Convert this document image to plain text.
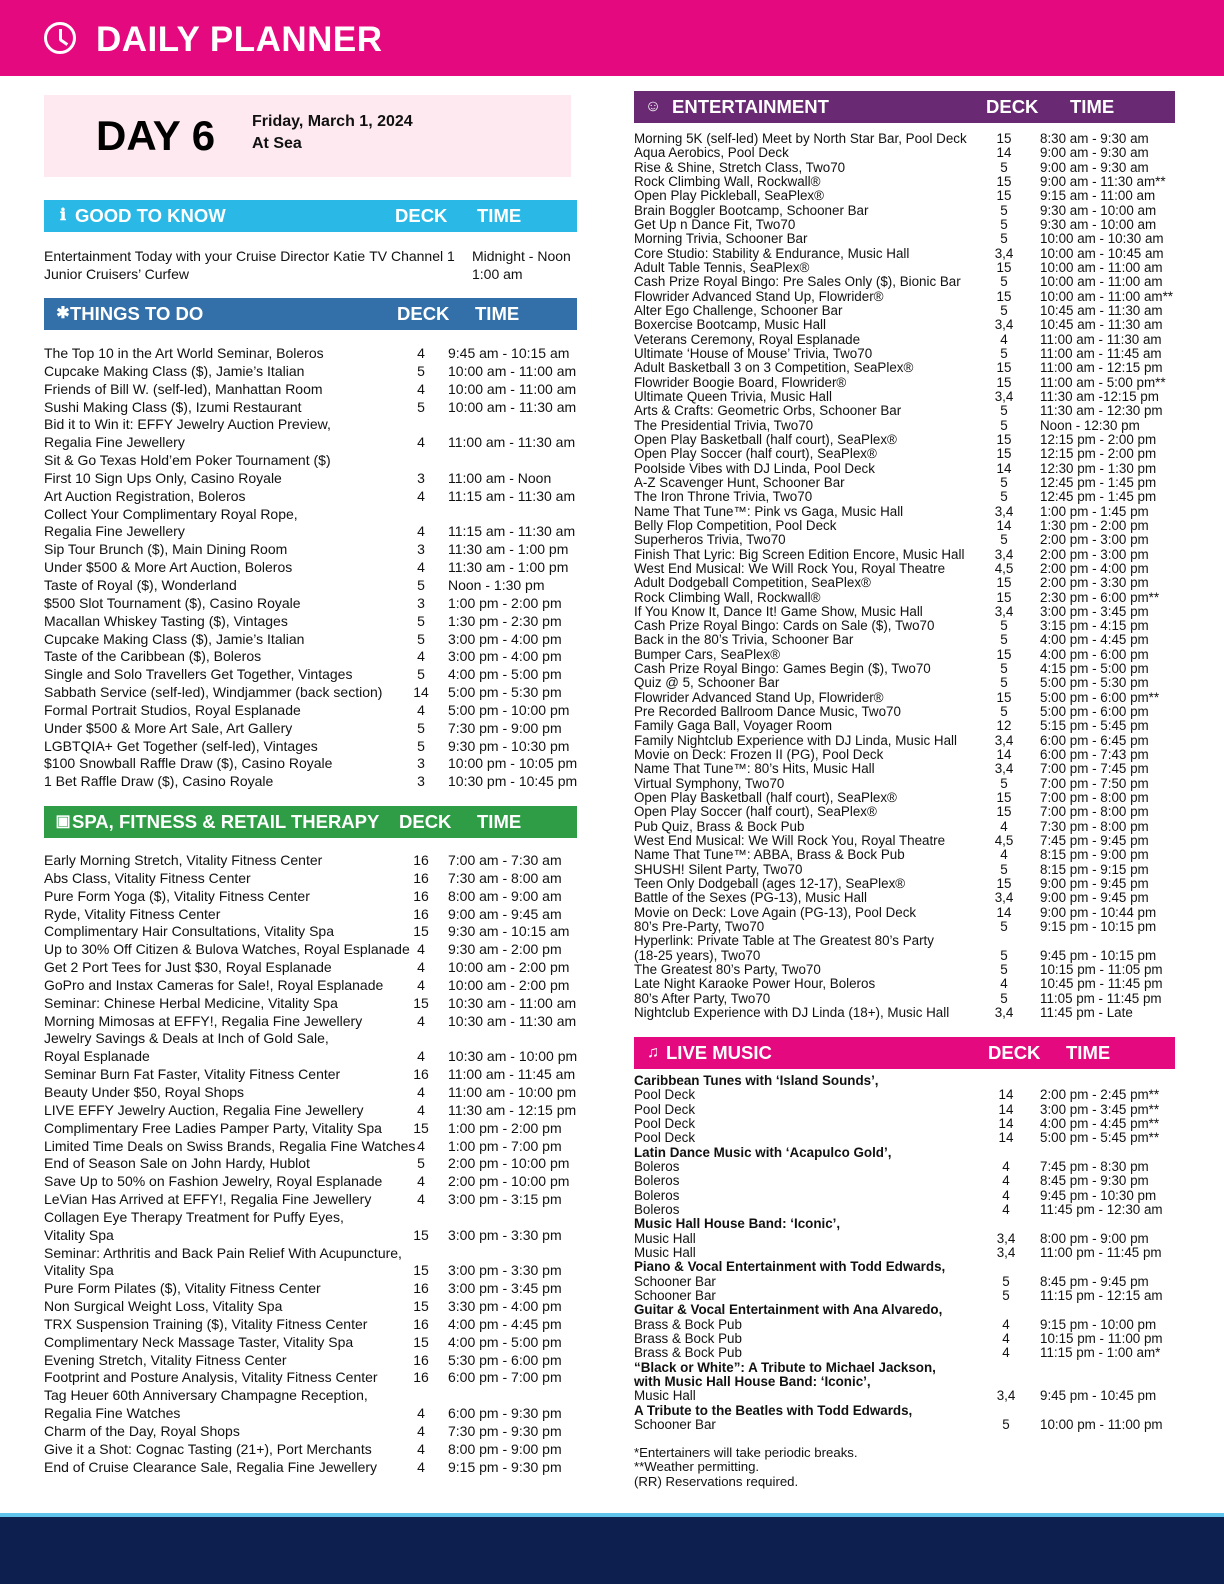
DAILY PLANNER
DAY 6 Friday, March 1, 2024
At Sea
ℹ GOOD TO KNOW	DECK TIME
Entertainment Today with your Cruise Director Katie TV Channel 1	Midnight - Noon
Junior Cruisers’ Curfew	1:00 am
✱ THINGS TO DO	DECK TIME
The Top 10 in the Art World Seminar, Boleros	4	9:45 am - 10:15 am
Cupcake Making Class ($), Jamie’s Italian	5	10:00 am - 11:00 am
Friends of Bill W. (self-led), Manhattan Room	4	10:00 am - 11:00 am
Sushi Making Class ($), Izumi Restaurant	5	10:00 am - 11:30 am
Bid it to Win it: EFFY Jewelry Auction Preview,
Regalia Fine Jewellery	4	11:00 am - 11:30 am
Sit & Go Texas Hold’em Poker Tournament ($)
First 10 Sign Ups Only, Casino Royale	3	11:00 am - Noon
Art Auction Registration, Boleros	4	11:15 am - 11:30 am
Collect Your Complimentary Royal Rope,
Regalia Fine Jewellery	4	11:15 am - 11:30 am
Sip Tour Brunch ($), Main Dining Room	3	11:30 am - 1:00 pm
Under $500 & More Art Auction, Boleros	4	11:30 am - 1:00 pm
Taste of Royal ($), Wonderland	5	Noon - 1:30 pm
$500 Slot Tournament ($), Casino Royale	3	1:00 pm - 2:00 pm
Macallan Whiskey Tasting ($), Vintages	5	1:30 pm - 2:30 pm
Cupcake Making Class ($), Jamie’s Italian	5	3:00 pm - 4:00 pm
Taste of the Caribbean ($), Boleros	4	3:00 pm - 4:00 pm
Single and Solo Travellers Get Together, Vintages	5	4:00 pm - 5:00 pm
Sabbath Service (self-led), Windjammer (back section)	14	5:00 pm - 5:30 pm
Formal Portrait Studios, Royal Esplanade	4	5:00 pm - 10:00 pm
Under $500 & More Art Sale, Art Gallery	5	7:30 pm - 9:00 pm
LGBTQIA+ Get Together (self-led), Vintages	5	9:30 pm - 10:30 pm
$100 Snowball Raffle Draw ($), Casino Royale	3	10:00 pm - 10:05 pm
1 Bet Raffle Draw ($), Casino Royale	3	10:30 pm - 10:45 pm
▣ SPA, FITNESS & RETAIL THERAPY DECK TIME
Early Morning Stretch, Vitality Fitness Center	16	7:00 am - 7:30 am
Abs Class, Vitality Fitness Center	16	7:30 am - 8:00 am
Pure Form Yoga ($), Vitality Fitness Center	16	8:00 am - 9:00 am
Ryde, Vitality Fitness Center	16	9:00 am - 9:45 am
Complimentary Hair Consultations, Vitality Spa	15	9:30 am - 10:15 am
Up to 30% Off Citizen & Bulova Watches, Royal Esplanade 4	9:30 am - 2:00 pm
Get 2 Port Tees for Just $30, Royal Esplanade	4	10:00 am - 2:00 pm
GoPro and Instax Cameras for Sale!, Royal Esplanade	4	10:00 am - 2:00 pm
Seminar: Chinese Herbal Medicine, Vitality Spa	15	10:30 am - 11:00 am
Morning Mimosas at EFFY!, Regalia Fine Jewellery	4	10:30 am - 11:30 am
Jewelry Savings & Deals at Inch of Gold Sale,
Royal Esplanade	4	10:30 am - 10:00 pm
Seminar Burn Fat Faster, Vitality Fitness Center	16	11:00 am - 11:45 am
Beauty Under $50, Royal Shops	4	11:00 am - 10:00 pm
LIVE EFFY Jewelry Auction, Regalia Fine Jewellery	4	11:30 am - 12:15 pm
Complimentary Free Ladies Pamper Party, Vitality Spa	15	1:00 pm - 2:00 pm
Limited Time Deals on Swiss Brands, Regalia Fine Watches 4	1:00 pm - 7:00 pm
End of Season Sale on John Hardy, Hublot	5	2:00 pm - 10:00 pm
Save Up to 50% on Fashion Jewelry, Royal Esplanade	4	2:00 pm - 10:00 pm
LeVian Has Arrived at EFFY!, Regalia Fine Jewellery	4	3:00 pm - 3:15 pm
Collagen Eye Therapy Treatment for Puffy Eyes,
Vitality Spa	15	3:00 pm - 3:30 pm
Seminar: Arthritis and Back Pain Relief With Acupuncture,
Vitality Spa	15	3:00 pm - 3:30 pm
Pure Form Pilates ($), Vitality Fitness Center	16	3:00 pm - 3:45 pm
Non Surgical Weight Loss, Vitality Spa	15	3:30 pm - 4:00 pm
TRX Suspension Training ($), Vitality Fitness Center	16	4:00 pm - 4:45 pm
Complimentary Neck Massage Taster, Vitality Spa	15	4:00 pm - 5:00 pm
Evening Stretch, Vitality Fitness Center	16	5:30 pm - 6:00 pm
Footprint and Posture Analysis, Vitality Fitness Center	16	6:00 pm - 7:00 pm
Tag Heuer 60th Anniversary Champagne Reception,
Regalia Fine Watches	4	6:00 pm - 9:30 pm
Charm of the Day, Royal Shops	4	7:30 pm - 9:30 pm
Give it a Shot: Cognac Tasting (21+), Port Merchants	4	8:00 pm - 9:00 pm
End of Cruise Clearance Sale, Regalia Fine Jewellery	4	9:15 pm - 9:30 pm
☺ ENTERTAINMENT	DECK TIME
Morning 5K (self-led) Meet by North Star Bar, Pool Deck	15	8:30 am - 9:30 am
Aqua Aerobics, Pool Deck	14	9:00 am - 9:30 am
Rise & Shine, Stretch Class, Two70	5	9:00 am - 9:30 am
Rock Climbing Wall, Rockwall®	15	9:00 am - 11:30 am**
Open Play Pickleball, SeaPlex®	15	9:15 am - 11:00 am
Brain Boggler Bootcamp, Schooner Bar	5	9:30 am - 10:00 am
Get Up n Dance Fit, Two70	5	9:30 am - 10:00 am
Morning Trivia, Schooner Bar	5	10:00 am - 10:30 am
Core Studio: Stability & Endurance, Music Hall	3,4	10:00 am - 10:45 am
Adult Table Tennis, SeaPlex®	15	10:00 am - 11:00 am
Cash Prize Royal Bingo: Pre Sales Only ($), Bionic Bar	5	10:00 am - 11:00 am
Flowrider Advanced Stand Up, Flowrider®	15	10:00 am - 11:00 am**
Alter Ego Challenge, Schooner Bar	5	10:45 am - 11:30 am
Boxercise Bootcamp, Music Hall	3,4	10:45 am - 11:30 am
Veterans Ceremony, Royal Esplanade	4	11:00 am - 11:30 am
Ultimate ‘House of Mouse’ Trivia, Two70	5	11:00 am - 11:45 am
Adult Basketball 3 on 3 Competition, SeaPlex®	15	11:00 am - 12:15 pm
Flowrider Boogie Board, Flowrider®	15	11:00 am - 5:00 pm**
Ultimate Queen Trivia, Music Hall	3,4	11:30 am -12:15 pm
Arts & Crafts: Geometric Orbs, Schooner Bar	5	11:30 am - 12:30 pm
The Presidential Trivia, Two70	5	Noon - 12:30 pm
Open Play Basketball (half court), SeaPlex®	15	12:15 pm - 2:00 pm
Open Play Soccer (half court), SeaPlex®	15	12:15 pm - 2:00 pm
Poolside Vibes with DJ Linda, Pool Deck	14	12:30 pm - 1:30 pm
A-Z Scavenger Hunt, Schooner Bar	5	12:45 pm - 1:45 pm
The Iron Throne Trivia, Two70	5	12:45 pm - 1:45 pm
Name That Tune™: Pink vs Gaga, Music Hall	3,4	1:00 pm - 1:45 pm
Belly Flop Competition, Pool Deck	14	1:30 pm - 2:00 pm
Superheros Trivia, Two70	5	2:00 pm - 3:00 pm
Finish That Lyric: Big Screen Edition Encore, Music Hall	3,4	2:00 pm - 3:00 pm
West End Musical: We Will Rock You, Royal Theatre	4,5	2:00 pm - 4:00 pm
Adult Dodgeball Competition, SeaPlex®	15	2:00 pm - 3:30 pm
Rock Climbing Wall, Rockwall®	15	2:30 pm - 6:00 pm**
If You Know It, Dance It! Game Show, Music Hall	3,4	3:00 pm - 3:45 pm
Cash Prize Royal Bingo: Cards on Sale ($), Two70	5	3:15 pm - 4:15 pm
Back in the 80’s Trivia, Schooner Bar	5	4:00 pm - 4:45 pm
Bumper Cars, SeaPlex®	15	4:00 pm - 6:00 pm
Cash Prize Royal Bingo: Games Begin ($), Two70	5	4:15 pm - 5:00 pm
Quiz @ 5, Schooner Bar	5	5:00 pm - 5:30 pm
Flowrider Advanced Stand Up, Flowrider®	15	5:00 pm - 6:00 pm**
Pre Recorded Ballroom Dance Music, Two70	5	5:00 pm - 6:00 pm
Family Gaga Ball, Voyager Room	12	5:15 pm - 5:45 pm
Family Nightclub Experience with DJ Linda, Music Hall	3,4	6:00 pm - 6:45 pm
Movie on Deck: Frozen II (PG), Pool Deck	14	6:00 pm - 7:43 pm
Name That Tune™: 80’s Hits, Music Hall	3,4	7:00 pm - 7:45 pm
Virtual Symphony, Two70	5	7:00 pm - 7:50 pm
Open Play Basketball (half court), SeaPlex®	15	7:00 pm - 8:00 pm
Open Play Soccer (half court), SeaPlex®	15	7:00 pm - 8:00 pm
Pub Quiz, Brass & Bock Pub	4	7:30 pm - 8:00 pm
West End Musical: We Will Rock You, Royal Theatre	4,5	7:45 pm - 9:45 pm
Name That Tune™: ABBA, Brass & Bock Pub	4	8:15 pm - 9:00 pm
SHUSH! Silent Party, Two70	5	8:15 pm - 9:15 pm
Teen Only Dodgeball (ages 12-17), SeaPlex®	15	9:00 pm - 9:45 pm
Battle of the Sexes (PG-13), Music Hall	3,4	9:00 pm - 9:45 pm
Movie on Deck: Love Again (PG-13), Pool Deck	14	9:00 pm - 10:44 pm
80’s Pre-Party, Two70	5	9:15 pm - 10:15 pm
Hyperlink: Private Table at The Greatest 80’s Party
(18-25 years), Two70	5	9:45 pm - 10:15 pm
The Greatest 80’s Party, Two70	5	10:15 pm - 11:05 pm
Late Night Karaoke Power Hour, Boleros	4	10:45 pm - 11:45 pm
80’s After Party, Two70	5	11:05 pm - 11:45 pm
Nightclub Experience with DJ Linda (18+), Music Hall	3,4	11:45 pm - Late
♫ LIVE MUSIC	DECK TIME
Caribbean Tunes with ‘Island Sounds’,
Pool Deck	14	2:00 pm - 2:45 pm**
Pool Deck	14	3:00 pm - 3:45 pm**
Pool Deck	14	4:00 pm - 4:45 pm**
Pool Deck	14	5:00 pm - 5:45 pm**
Latin Dance Music with ‘Acapulco Gold’,
Boleros	4	7:45 pm - 8:30 pm
Boleros	4	8:45 pm - 9:30 pm
Boleros	4	9:45 pm - 10:30 pm
Boleros	4	11:45 pm - 12:30 am
Music Hall House Band: ‘Iconic’,
Music Hall	3,4	8:00 pm - 9:00 pm
Music Hall	3,4	11:00 pm - 11:45 pm
Piano & Vocal Entertainment with Todd Edwards,
Schooner Bar	5	8:45 pm - 9:45 pm
Schooner Bar	5	11:15 pm - 12:15 am
Guitar & Vocal Entertainment with Ana Alvaredo,
Brass & Bock Pub	4	9:15 pm - 10:00 pm
Brass & Bock Pub	4	10:15 pm - 11:00 pm
Brass & Bock Pub	4	11:15 pm - 1:00 am*
“Black or White”: A Tribute to Michael Jackson,
with Music Hall House Band: ‘Iconic’,
Music Hall	3,4	9:45 pm - 10:45 pm
A Tribute to the Beatles with Todd Edwards,
Schooner Bar	5	10:00 pm - 11:00 pm
*Entertainers will take periodic breaks.
**Weather permitting.
(RR) Reservations required.
